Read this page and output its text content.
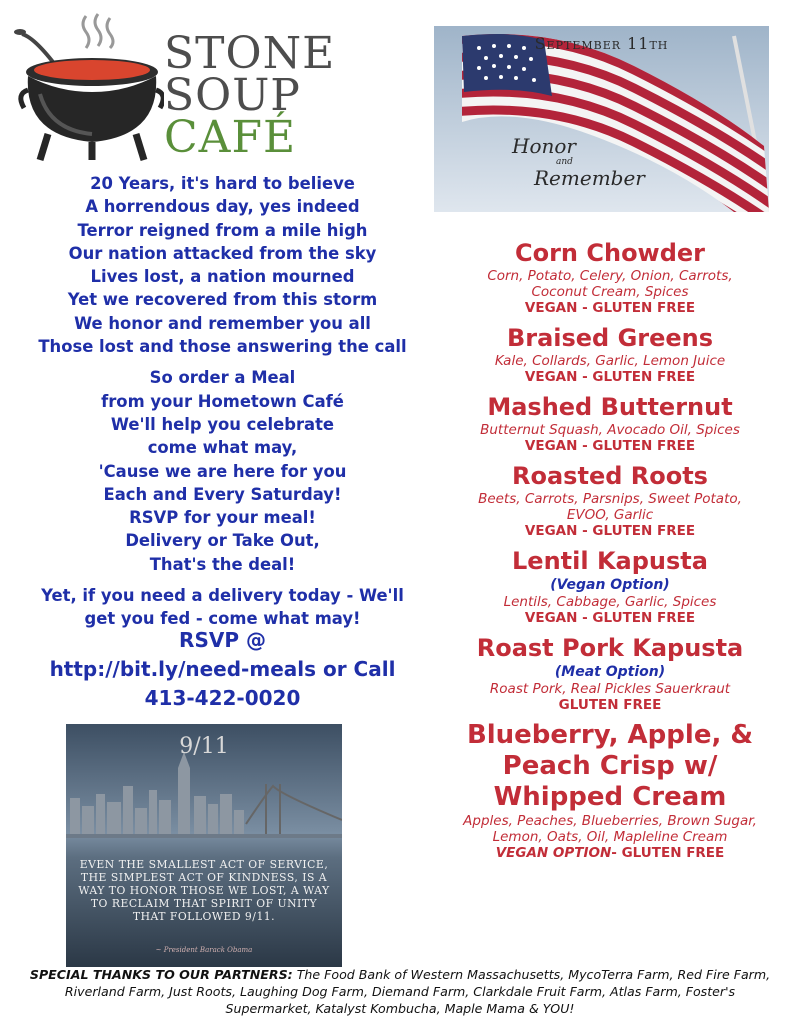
STONE
SOUP
CAFÉ

20 Years, it's hard to believe

A horrendous day, yes indeed

Terror reigned from a mile high

Our nation attacked from the sky

Lives lost, a nation mourned

Yet we recovered from this storm

We honor and remember you all

Those lost and those answering the call

So order a Meal

from your Hometown Café

We'll help you celebrate

come what may,

'Cause we are here for you

Each and Every Saturday!

RSVP for your meal!

Delivery or Take Out,

That's the deal!

Yet, if you need a delivery today - We'll

get you fed - come what may!

RSVP @
http://bit.ly/need-meals or Call
413-422-0020
September 11th
Honor
and
Remember
Corn Chowder
Corn, Potato, Celery, Onion, Carrots,
Coconut Cream, Spices
VEGAN - GLUTEN FREE
Braised Greens
Kale, Collards, Garlic, Lemon Juice
VEGAN - GLUTEN FREE
Mashed Butternut
Butternut Squash, Avocado Oil, Spices
VEGAN - GLUTEN FREE
Roasted Roots
Beets, Carrots, Parsnips, Sweet Potato,
EVOO, Garlic
VEGAN - GLUTEN FREE
Lentil Kapusta
(Vegan Option)
Lentils, Cabbage, Garlic, Spices
VEGAN - GLUTEN FREE
Roast Pork Kapusta
(Meat Option)
Roast Pork, Real Pickles Sauerkraut
GLUTEN FREE
Blueberry, Apple, &
Peach Crisp w/
Whipped Cream
Apples, Peaches, Blueberries, Brown Sugar,
Lemon, Oats, Oil, Mapleline Cream
VEGAN OPTION- GLUTEN FREE
9/11
EVEN THE SMALLEST ACT OF SERVICE, THE SIMPLEST ACT OF KINDNESS, IS A WAY TO HONOR THOSE WE LOST, A WAY TO RECLAIM THAT SPIRIT OF UNITY THAT FOLLOWED 9/11.
~ President Barack Obama
SPECIAL THANKS TO OUR PARTNERS: The Food Bank of Western Massachusetts, MycoTerra Farm, Red Fire Farm, Riverland Farm, Just Roots, Laughing Dog Farm, Diemand Farm, Clarkdale Fruit Farm, Atlas Farm, Foster's Supermarket, Katalyst Kombucha, Maple Mama & YOU!
